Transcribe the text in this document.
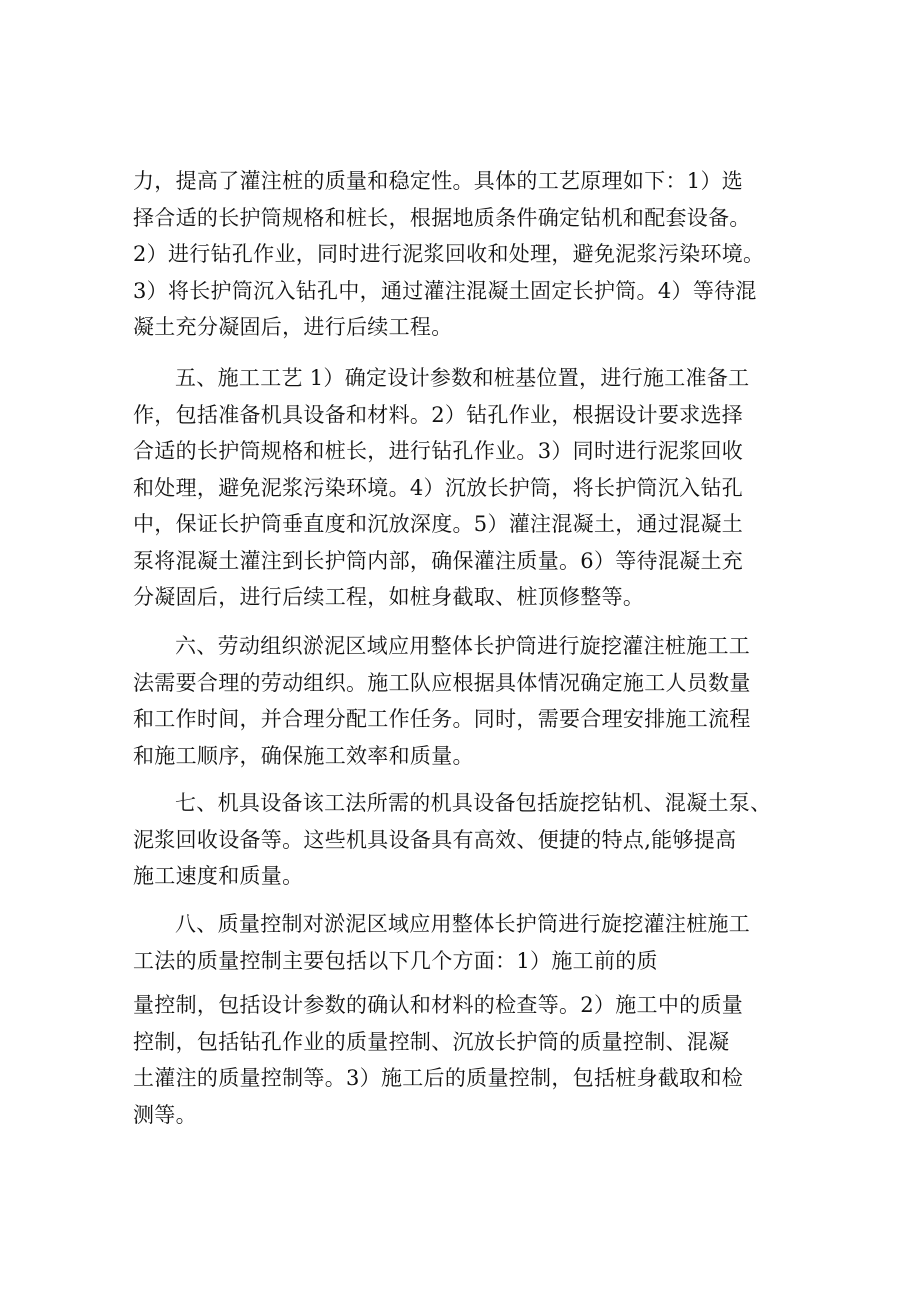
力，提高了灌注桩的质量和稳定性。具体的工艺原理如下：1）选
择合适的长护筒规格和桩长，根据地质条件确定钻机和配套设备。
2）进行钻孔作业，同时进行泥浆回收和处理，避免泥浆污染环境。
3）将长护筒沉入钻孔中，通过灌注混凝土固定长护筒。4）等待混
凝土充分凝固后，进行后续工程。
五、施工工艺 1）确定设计参数和桩基位置，进行施工准备工
作，包括准备机具设备和材料。2）钻孔作业，根据设计要求选择
合适的长护筒规格和桩长，进行钻孔作业。3）同时进行泥浆回收
和处理，避免泥浆污染环境。4）沉放长护筒，将长护筒沉入钻孔
中，保证长护筒垂直度和沉放深度。5）灌注混凝土，通过混凝土
泵将混凝土灌注到长护筒内部，确保灌注质量。6）等待混凝土充
分凝固后，进行后续工程，如桩身截取、桩顶修整等。
六、劳动组织淤泥区域应用整体长护筒进行旋挖灌注桩施工工
法需要合理的劳动组织。施工队应根据具体情况确定施工人员数量
和工作时间，并合理分配工作任务。同时，需要合理安排施工流程
和施工顺序，确保施工效率和质量。
七、机具设备该工法所需的机具设备包括旋挖钻机、混凝土泵、
泥浆回收设备等。这些机具设备具有高效、便捷的特点,能够提高
施工速度和质量。
八、质量控制对淤泥区域应用整体长护筒进行旋挖灌注桩施工
工法的质量控制主要包括以下几个方面：1）施工前的质
量控制，包括设计参数的确认和材料的检查等。2）施工中的质量
控制，包括钻孔作业的质量控制、沉放长护筒的质量控制、混凝
土灌注的质量控制等。3）施工后的质量控制，包括桩身截取和检
测等。
